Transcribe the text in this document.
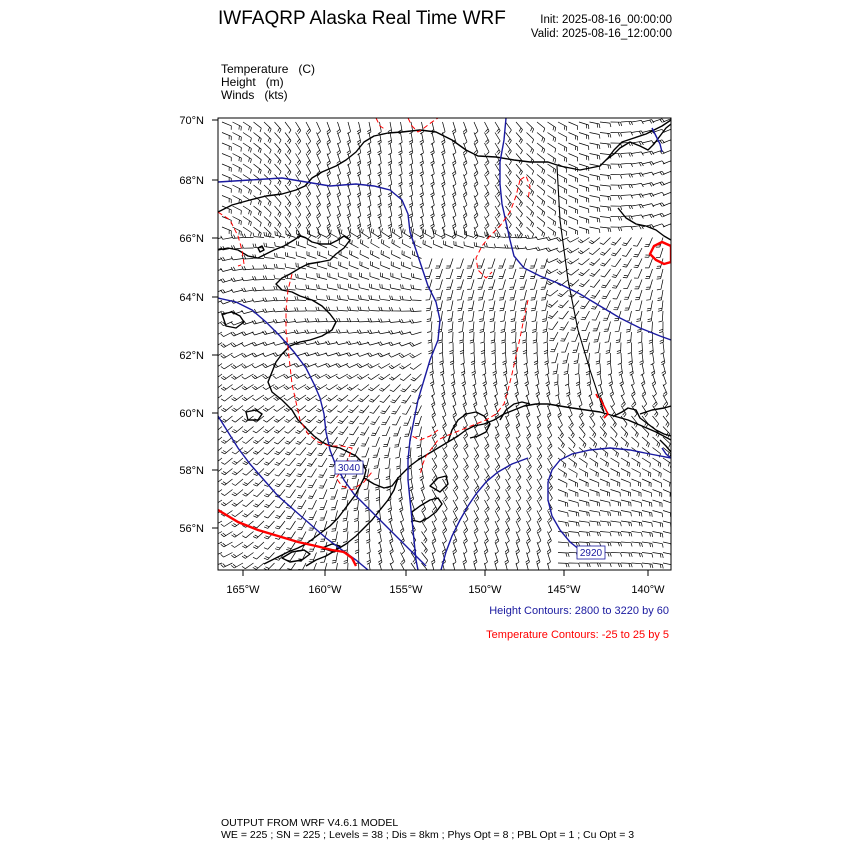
IWFAQRP Alaska Real Time WRF	Init: 2025-08-16_00:00:00
Valid: 2025-08-16_12:00:00
Temperature   (C)
Height   (m)
Winds   (kts)
3040
2920
70°N
68°N
66°N
64°N
62°N
60°N
58°N
56°N
165°W	160°W	155°W	150°W	145°W	140°W
Height Contours: 2800 to 3220 by 60
Temperature Contours: -25 to 25 by 5
OUTPUT FROM WRF V4.6.1 MODEL
WE = 225 ; SN = 225 ; Levels = 38 ; Dis = 8km ; Phys Opt = 8 ; PBL Opt = 1 ; Cu Opt = 3
